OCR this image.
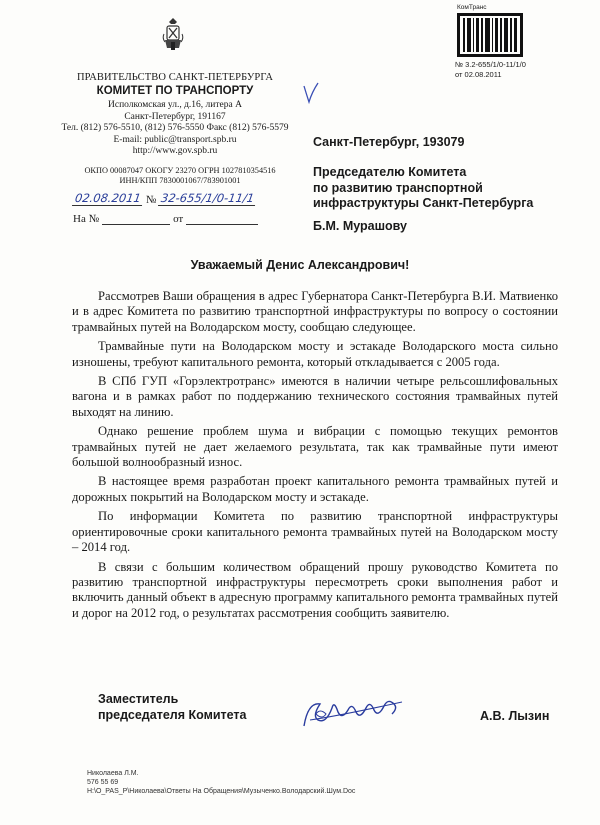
ПРАВИТЕЛЬСТВО САНКТ-ПЕТЕРБУРГА
КОМИТЕТ ПО ТРАНСПОРТУ
Исполкомская ул., д.16, литера А
Санкт-Петербург, 191167
Тел. (812) 576-5510, (812) 576-5550 Факс (812) 576-5579
E-mail: public@transport.spb.ru
http://www.gov.spb.ru
ОКПО 00087047 ОКОГУ 23270 ОГРН 1027810354516
ИНН/КПП 7830001067/783901001
02.08.2011 № 32-655/1/0-11/1
На №	от
КомТранс
№ 3.2-655/1/0-11/1/0
от 02.08.2011
Санкт-Петербург, 193079
Председателю Комитета
по развитию транспортной
инфраструктуры Санкт-Петербурга
Б.М. Мурашову
Уважаемый Денис Александрович!

Рассмотрев Ваши обращения в адрес Губернатора Санкт-Петербурга В.И. Матвиенко и в адрес Комитета по развитию транспортной инфраструктуры по вопросу о состоянии трамвайных путей на Володарском мосту, сообщаю следующее.

Трамвайные пути на Володарском мосту и эстакаде Володарского моста сильно изношены, требуют капитального ремонта, который откладывается с 2005 года.

В СПб ГУП «Горэлектротранс» имеются в наличии четыре рельсошлифовальных вагона и в рамках работ по поддержанию технического состояния трамвайных путей выходят на линию.

Однако решение проблем шума и вибрации с помощью текущих ремонтов трамвайных путей не дает желаемого результата, так как трамвайные пути имеют большой волнообразный износ.

В настоящее время разработан проект капитального ремонта трамвайных путей и дорожных покрытий на Володарском мосту и эстакаде.

По информации Комитета по развитию транспортной инфраструктуры ориентировочные сроки капитального ремонта трамвайных путей на Володарском мосту – 2014 год.

В связи с большим количеством обращений прошу руководство Комитета по развитию транспортной инфраструктуры пересмотреть сроки выполнения работ и включить данный объект в адресную программу капитального ремонта трамвайных путей и дорог на 2012 год, о результатах рассмотрения сообщить заявителю.

Заместитель
председателя Комитета	А.В. Лызин
Николаева Л.М.
576 55 69
H:\O_PAS_P\Николаева\Ответы На Обращения\Музыченко.Володарский.Шум.Doc
